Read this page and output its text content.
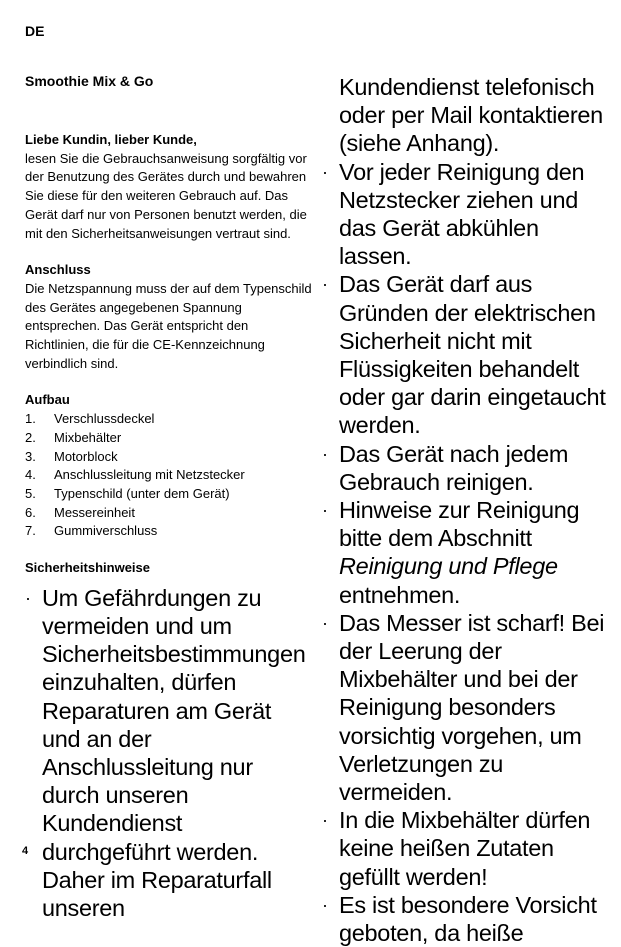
DE
Smoothie Mix & Go
Liebe Kundin, lieber Kunde,
lesen Sie die Gebrauchsanweisung sorgfältig vor der Benutzung des Gerätes durch und bewahren Sie diese für den weiteren Gebrauch auf. Das Gerät darf nur von Personen benutzt werden, die mit den Sicherheitsanweisungen vertraut sind.
Anschluss
Die Netzspannung muss der auf dem Typenschild des Gerätes angegebenen Spannung entsprechen. Das Gerät entspricht den Richtlinien, die für die CE-Kennzeichnung verbindlich sind.
Aufbau
1.	Verschlussdeckel
2.	Mixbehälter
3.	Motorblock
4.	Anschlussleitung mit Netzstecker
5.	Typenschild (unter dem Gerät)
6.	Messereinheit
7.	Gummiverschluss
Sicherheitshinweise
· Um Gefährdungen zu vermeiden und um Sicherheitsbestimmungen einzuhalten, dürfen Reparaturen am Gerät und an der Anschlussleitung nur durch unseren Kundendienst durchgeführt werden. Daher im Reparaturfall unseren
Kundendienst telefonisch oder per Mail kontaktieren (siehe Anhang).
· Vor jeder Reinigung den Netzstecker ziehen und das Gerät abkühlen lassen.
· Das Gerät darf aus Gründen der elektrischen Sicherheit nicht mit Flüssigkeiten behandelt oder gar darin eingetaucht werden.
· Das Gerät nach jedem Gebrauch reinigen.
· Hinweise zur Reinigung bitte dem Abschnitt Reinigung und Pflege entnehmen.
· Das Messer ist scharf! Bei der Leerung der Mixbehälter und bei der Reinigung besonders vorsichtig vorgehen, um Verletzungen zu vermeiden.
· In die Mixbehälter dürfen keine heißen Zutaten gefüllt werden!
· Es ist besondere Vorsicht geboten, da heiße
4
